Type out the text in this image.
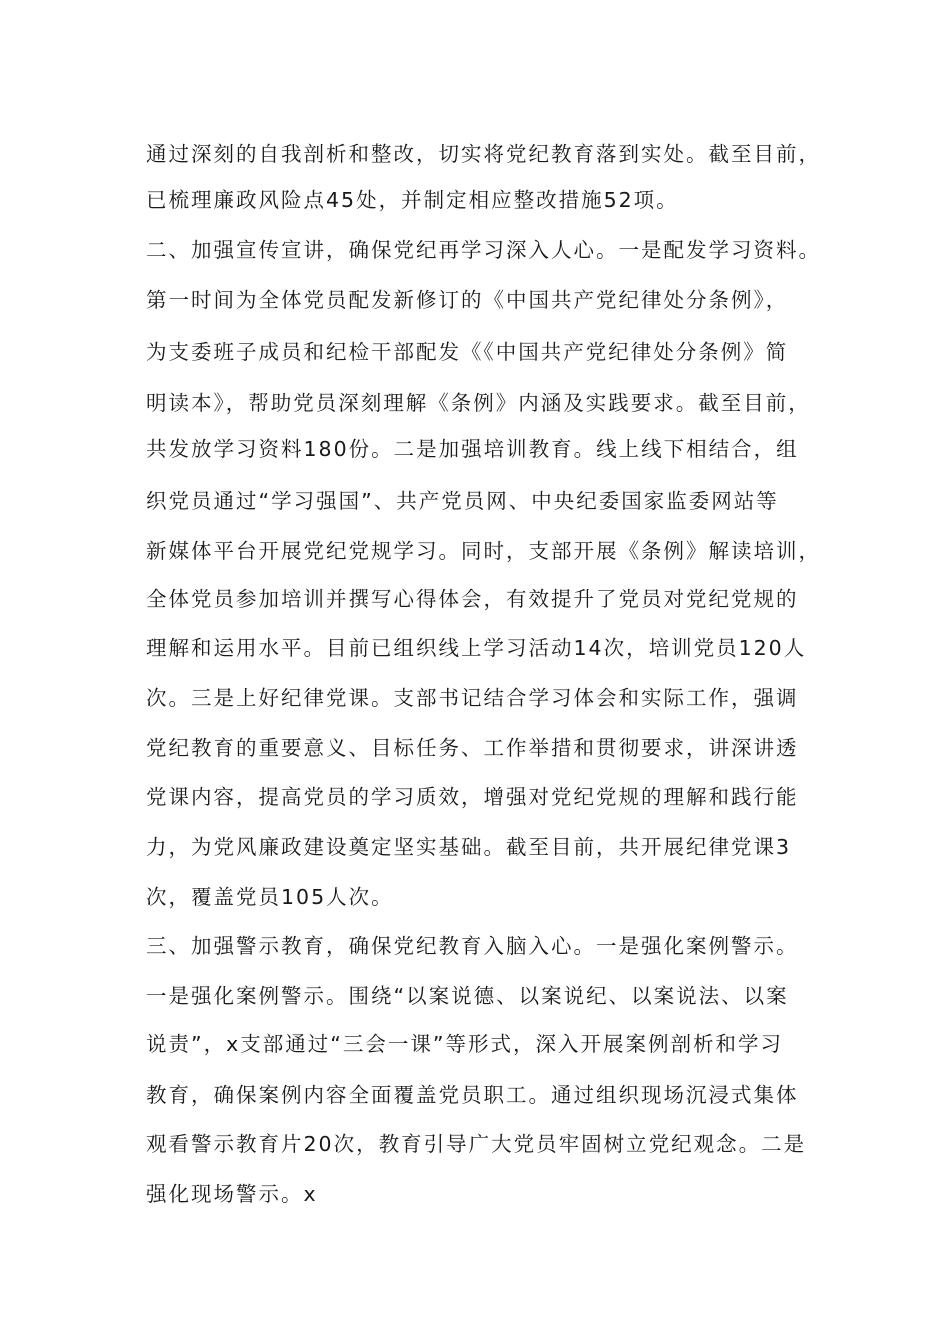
通过深刻的自我剖析和整改，切实将党纪教育落到实处。截至目前，
已梳理廉政风险点45处，并制定相应整改措施52项。
二、加强宣传宣讲，确保党纪再学习深入人心。一是配发学习资料。
第一时间为全体党员配发新修订的《中国共产党纪律处分条例》，
为支委班子成员和纪检干部配发《《中国共产党纪律处分条例》简
明读本》，帮助党员深刻理解《条例》内涵及实践要求。截至目前，
共发放学习资料180份。二是加强培训教育。线上线下相结合，组
织党员通过“学习强国”、共产党员网、中央纪委国家监委网站等
新媒体平台开展党纪党规学习。同时，支部开展《条例》解读培训，
全体党员参加培训并撰写心得体会，有效提升了党员对党纪党规的
理解和运用水平。目前已组织线上学习活动14次，培训党员120人
次。三是上好纪律党课。支部书记结合学习体会和实际工作，强调
党纪教育的重要意义、目标任务、工作举措和贯彻要求，讲深讲透
党课内容，提高党员的学习质效，增强对党纪党规的理解和践行能
力，为党风廉政建设奠定坚实基础。截至目前，共开展纪律党课3
次，覆盖党员105人次。
三、加强警示教育，确保党纪教育入脑入心。一是强化案例警示。
一是强化案例警示。围绕“以案说德、以案说纪、以案说法、以案
说责”，x支部通过“三会一课”等形式，深入开展案例剖析和学习
教育，确保案例内容全面覆盖党员职工。通过组织现场沉浸式集体
观看警示教育片20次，教育引导广大党员牢固树立党纪观念。二是
强化现场警示。x
